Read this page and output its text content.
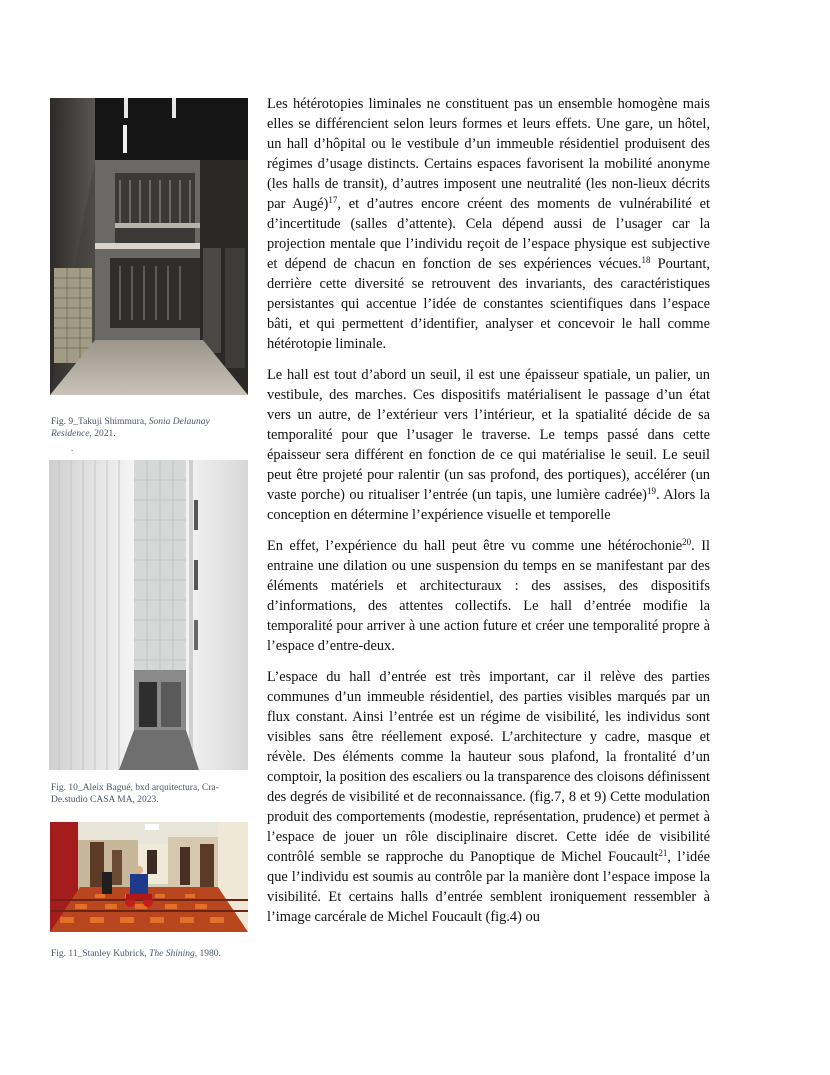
Fig. 9_Takuji Shimmura, Sonia Delaunay Residence, 2021.
.
Fig. 10_Aleix Bagué, bxd arquitectura, Cra-De.studio CASA MA, 2023.
Fig. 11_Stanley Kubrick, The Shining, 1980.

Les hétérotopies liminales ne constituent pas un ensemble homogène mais elles se différencient selon leurs formes et leurs effets. Une gare, un hôtel, un hall d’hôpital ou le vestibule d’un immeuble résidentiel produisent des régimes d’usage distincts. Certains espaces favorisent la mobilité anonyme (les halls de transit), d’autres imposent une neutralité (les non-lieux décrits par Augé)$^{17}$, et d’autres encore créent des moments de vulnérabilité et d’incertitude (salles d’attente). Cela dépend aussi de l’usager car la projection mentale que l’individu reçoit de l’espace physique est subjective et dépend de chacun en fonction de ses expériences vécues.$^{18}$ Pourtant, derrière cette diversité se retrouvent des invariants, des caractéristiques persistantes qui accentue l’idée de constantes scientifiques dans l’espace bâti, et qui permettent d’identifier, analyser et concevoir le hall comme hétérotopie liminale.

Le hall est tout d’abord un seuil, il est une épaisseur spatiale, un palier, un vestibule, des marches. Ces dispositifs matérialisent le passage d’un état vers un autre, de l’extérieur vers l’intérieur, et la spatialité décide de sa temporalité pour que l’usager le traverse. Le temps passé dans cette épaisseur sera différent en fonction de ce qui matérialise le seuil. Le seuil peut être projeté pour ralentir (un sas profond, des portiques), accélérer (un vaste porche) ou ritualiser l’entrée (un tapis, une lumière cadrée)$^{19}$. Alors la conception en détermine l’expérience visuelle et temporelle

En effet, l’expérience du hall peut être vu comme une hétérochonie$^{20}$. Il entraine une dilation ou une suspension du temps en se manifestant par des éléments matériels et architecturaux : des assises, des dispositifs d’informations, des attentes collectifs. Le hall d’entrée modifie la temporalité pour arriver à une action future et créer une temporalité propre à l’espace d’entre-deux.

L’espace du hall d’entrée est très important, car il relève des parties communes d’un immeuble résidentiel, des parties visibles marqués par un flux constant. Ainsi l’entrée est un régime de visibilité, les individus sont visibles sans être réellement exposé. L’architecture y cadre, masque et révèle. Des éléments comme la hauteur sous plafond, la frontalité d’un comptoir, la position des escaliers ou la transparence des cloisons définissent des degrés de visibilité et de reconnaissance. (fig.7, 8 et 9) Cette modulation produit des comportements (modestie, représentation, prudence) et permet à l’espace de jouer un rôle disciplinaire discret. Cette idée de visibilité contrôlé semble se rapproche du Panoptique de Michel Foucault$^{21}$, l’idée que l’individu est soumis au contrôle par la manière dont l’espace impose la visibilité. Et certains halls d’entrée semblent ironiquement ressembler à l’image carcérale de Michel Foucault (fig.4) ou
